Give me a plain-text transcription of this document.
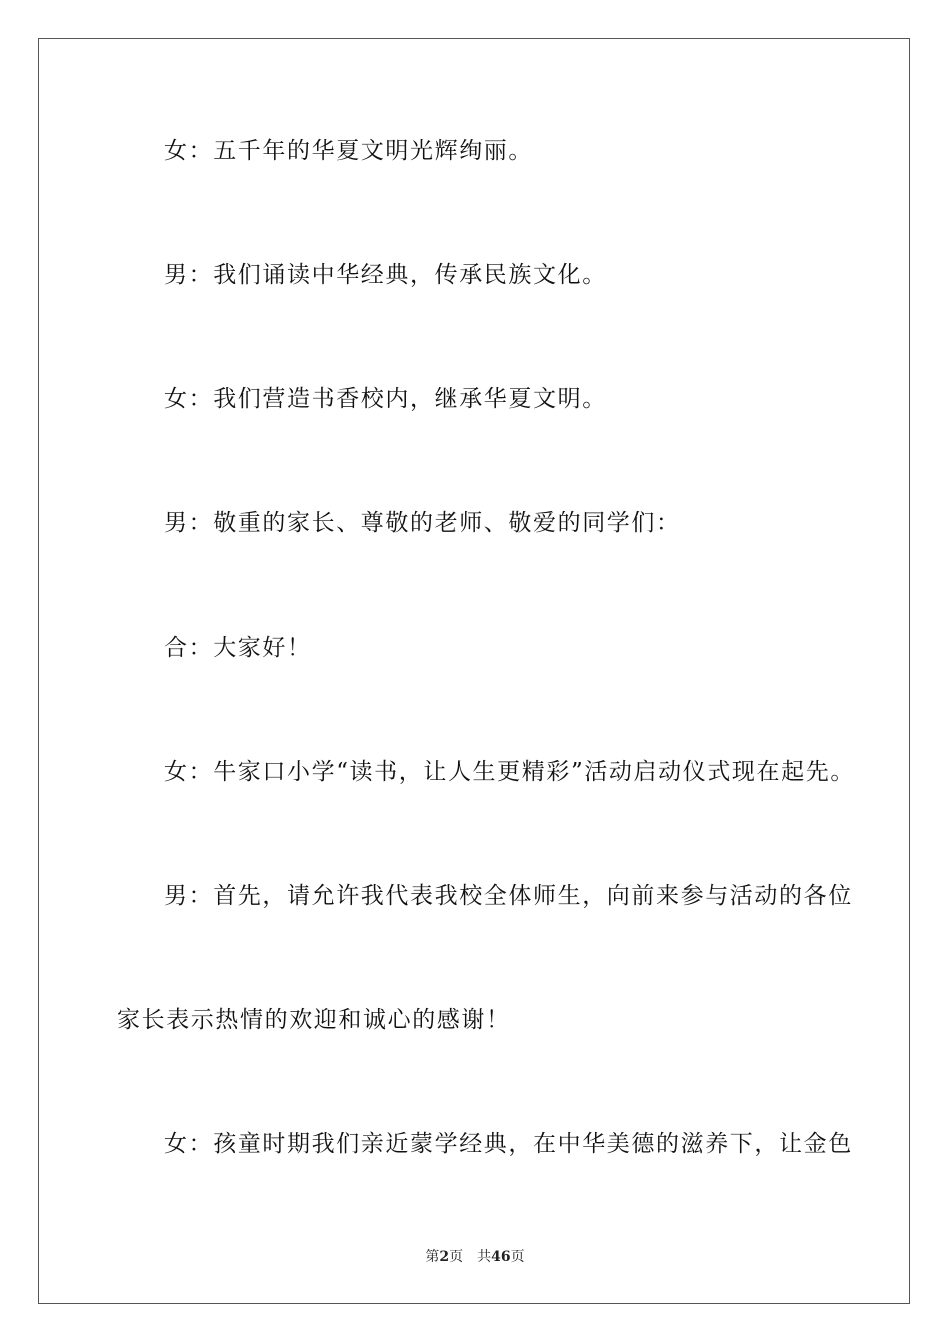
女：五千年的华夏文明光辉绚丽。
男：我们诵读中华经典，传承民族文化。
女：我们营造书香校内，继承华夏文明。
男：敬重的家长、尊敬的老师、敬爱的同学们：
合：大家好！
女：牛家口小学“读书，让人生更精彩”活动启动仪式现在起先。
男：首先，请允许我代表我校全体师生，向前来参与活动的各位
家长表示热情的欢迎和诚心的感谢！
女：孩童时期我们亲近蒙学经典，在中华美德的滋养下，让金色
第2页 共46页
